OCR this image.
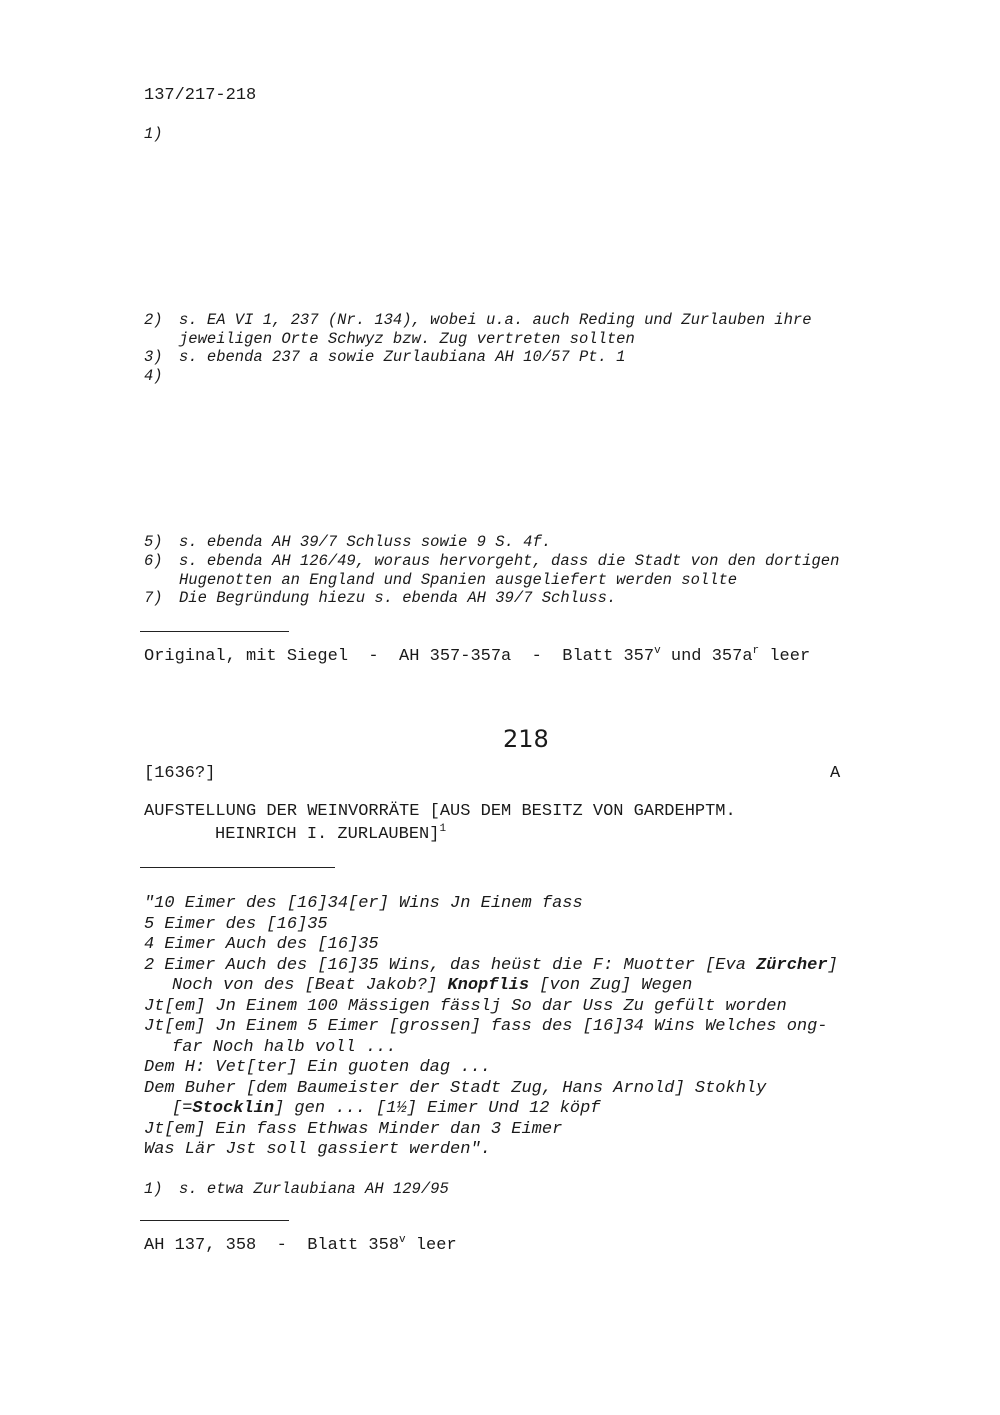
137/217-218
1)
2) s. EA VI 1, 237 (Nr. 134), wobei u.a. auch Reding und Zurlauben ihre
jeweiligen Orte Schwyz bzw. Zug vertreten sollten
3) s. ebenda 237 a sowie Zurlaubiana AH 10/57 Pt. 1
4)
5) s. ebenda AH 39/7 Schluss sowie 9 S. 4f.
6) s. ebenda AH 126/49, woraus hervorgeht, dass die Stadt von den dortigen
Hugenotten an England und Spanien ausgeliefert werden sollte
7) Die Begründung hiezu s. ebenda AH 39/7 Schluss.
Original, mit Siegel  -  AH 357-357a  -  Blatt 357$^v$ und $357a^r$ leer
218
[1636?]	A
AUFSTELLUNG DER WEINVORRÄTE [AUS DEM BESITZ VON GARDEHPTM.
HEINRICH I. ZURLAUBEN]$^1$
"10 Eimer des [16]34[er] Wins Jn Einem fass
5 Eimer des [16]35
4 Eimer Auch des [16]35
2 Eimer Auch des [16]35 Wins, das heüst die F: Muotter [Eva Zürcher]
Noch von des [Beat Jakob?] Knopflis [von Zug] Wegen
Jt[em] Jn Einem 100 Mässigen fässlj So dar Uss Zu gefült worden
Jt[em] Jn Einem 5 Eimer [grossen] fass des [16]34 Wins Welches ong-
far Noch halb voll ...
Dem H: Vet[ter] Ein guoten dag ...
Dem Buher [dem Baumeister der Stadt Zug, Hans Arnold] Stokhly
[=Stocklin] gen ... [1½] Eimer Und 12 köpf
Jt[em] Ein fass Ethwas Minder dan 3 Eimer
Was Lär Jst soll gassiert werden".
1) s. etwa Zurlaubiana AH 129/95
AH 137, 358  -  Blatt 358$^v$ leer
